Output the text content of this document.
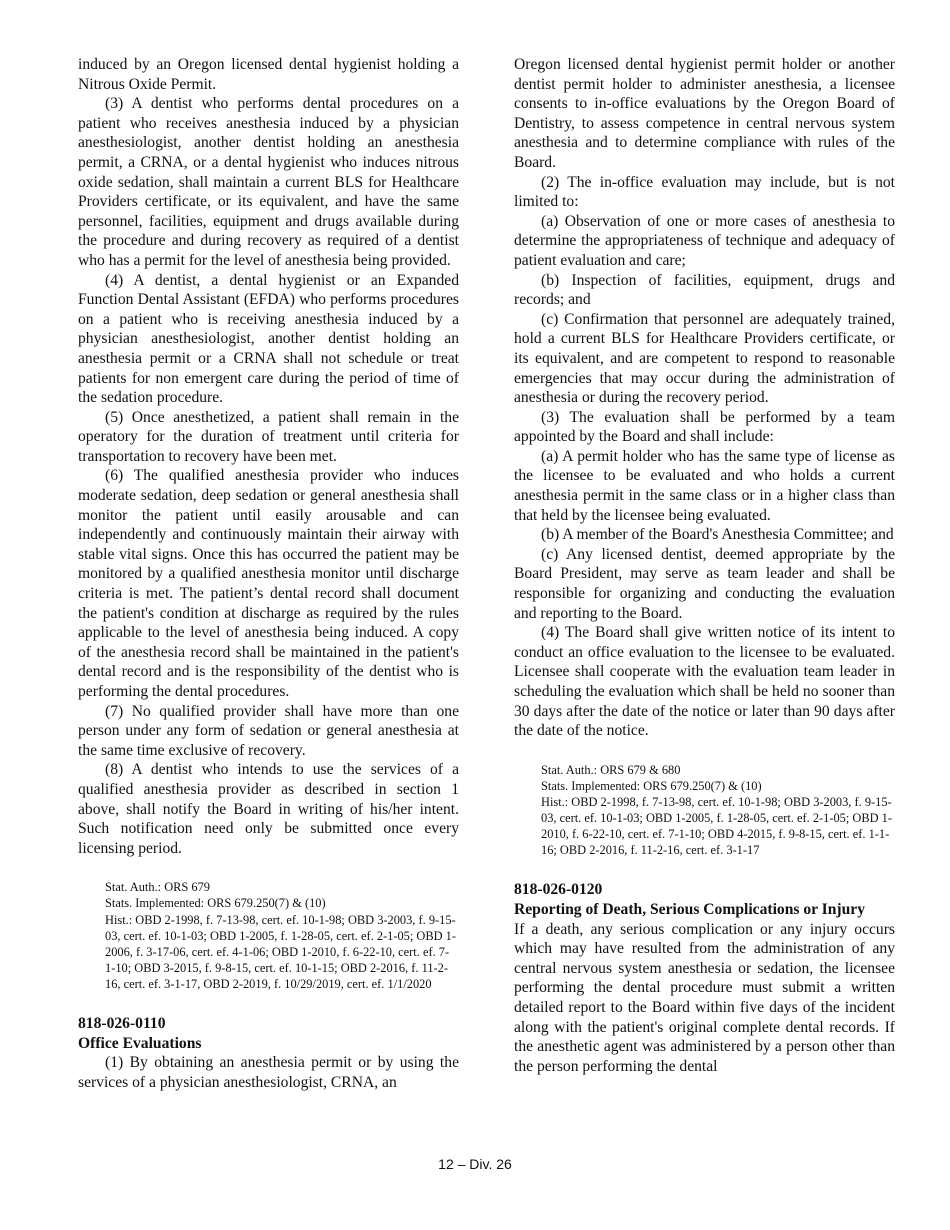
induced by an Oregon licensed dental hygienist holding a Nitrous Oxide Permit.

(3) A dentist who performs dental procedures on a patient who receives anesthesia induced by a physician anesthesiologist, another dentist holding an anesthesia permit, a CRNA, or a dental hygienist who induces nitrous oxide sedation, shall maintain a current BLS for Healthcare Providers certificate, or its equivalent, and have the same personnel, facilities, equipment and drugs available during the procedure and during recovery as required of a dentist who has a permit for the level of anesthesia being provided.

(4) A dentist, a dental hygienist or an Expanded Function Dental Assistant (EFDA) who performs procedures on a patient who is receiving anesthesia induced by a physician anesthesiologist, another dentist holding an anesthesia permit or a CRNA shall not schedule or treat patients for non emergent care during the period of time of the sedation procedure.

(5) Once anesthetized, a patient shall remain in the operatory for the duration of treatment until criteria for transportation to recovery have been met.

(6) The qualified anesthesia provider who induces moderate sedation, deep sedation or general anesthesia shall monitor the patient until easily arousable and can independently and continuously maintain their airway with stable vital signs. Once this has occurred the patient may be monitored by a qualified anesthesia monitor until discharge criteria is met. The patient’s dental record shall document the patient's condition at discharge as required by the rules applicable to the level of anesthesia being induced. A copy of the anesthesia record shall be maintained in the patient's dental record and is the responsibility of the dentist who is performing the dental procedures.

(7) No qualified provider shall have more than one person under any form of sedation or general anesthesia at the same time exclusive of recovery.

(8) A dentist who intends to use the services of a qualified anesthesia provider as described in section 1 above, shall notify the Board in writing of his/her intent. Such notification need only be submitted once every licensing period.

Stat. Auth.: ORS 679
Stats. Implemented: ORS 679.250(7) & (10)
Hist.: OBD 2-1998, f. 7-13-98, cert. ef. 10-1-98; OBD 3-2003, f. 9-15-03, cert. ef. 10-1-03; OBD 1-2005, f. 1-28-05, cert. ef. 2-1-05; OBD 1-2006, f. 3-17-06, cert. ef. 4-1-06; OBD 1-2010, f. 6-22-10, cert. ef. 7-1-10; OBD 3-2015, f. 9-8-15, cert. ef. 10-1-15; OBD 2-2016, f. 11-2-16, cert. ef. 3-1-17, OBD 2-2019, f. 10/29/2019, cert. ef. 1/1/2020
818-026-0110
Office Evaluations

(1) By obtaining an anesthesia permit or by using the services of a physician anesthesiologist, CRNA, an

Oregon licensed dental hygienist permit holder or another dentist permit holder to administer anesthesia, a licensee consents to in-office evaluations by the Oregon Board of Dentistry, to assess competence in central nervous system anesthesia and to determine compliance with rules of the Board.

(2) The in-office evaluation may include, but is not limited to:

(a) Observation of one or more cases of anesthesia to determine the appropriateness of technique and adequacy of patient evaluation and care;

(b) Inspection of facilities, equipment, drugs and records; and

(c) Confirmation that personnel are adequately trained, hold a current BLS for Healthcare Providers certificate, or its equivalent, and are competent to respond to reasonable emergencies that may occur during the administration of anesthesia or during the recovery period.

(3) The evaluation shall be performed by a team appointed by the Board and shall include:

(a) A permit holder who has the same type of license as the licensee to be evaluated and who holds a current anesthesia permit in the same class or in a higher class than that held by the licensee being evaluated.

(b) A member of the Board's Anesthesia Committee; and

(c) Any licensed dentist, deemed appropriate by the Board President, may serve as team leader and shall be responsible for organizing and conducting the evaluation and reporting to the Board.

(4) The Board shall give written notice of its intent to conduct an office evaluation to the licensee to be evaluated. Licensee shall cooperate with the evaluation team leader in scheduling the evaluation which shall be held no sooner than 30 days after the date of the notice or later than 90 days after the date of the notice.

Stat. Auth.: ORS 679 & 680
Stats. Implemented: ORS 679.250(7) & (10)
Hist.: OBD 2-1998, f. 7-13-98, cert. ef. 10-1-98; OBD 3-2003, f. 9-15-03, cert. ef. 10-1-03; OBD 1-2005, f. 1-28-05, cert. ef. 2-1-05; OBD 1-2010, f. 6-22-10, cert. ef. 7-1-10; OBD 4-2015, f. 9-8-15, cert. ef. 1-1-16; OBD 2-2016, f. 11-2-16, cert. ef. 3-1-17
818-026-0120
Reporting of Death, Serious Complications or Injury

If a death, any serious complication or any injury occurs which may have resulted from the administration of any central nervous system anesthesia or sedation, the licensee performing the dental procedure must submit a written detailed report to the Board within five days of the incident along with the patient's original complete dental records. If the anesthetic agent was administered by a person other than the person performing the dental

12 – Div. 26
